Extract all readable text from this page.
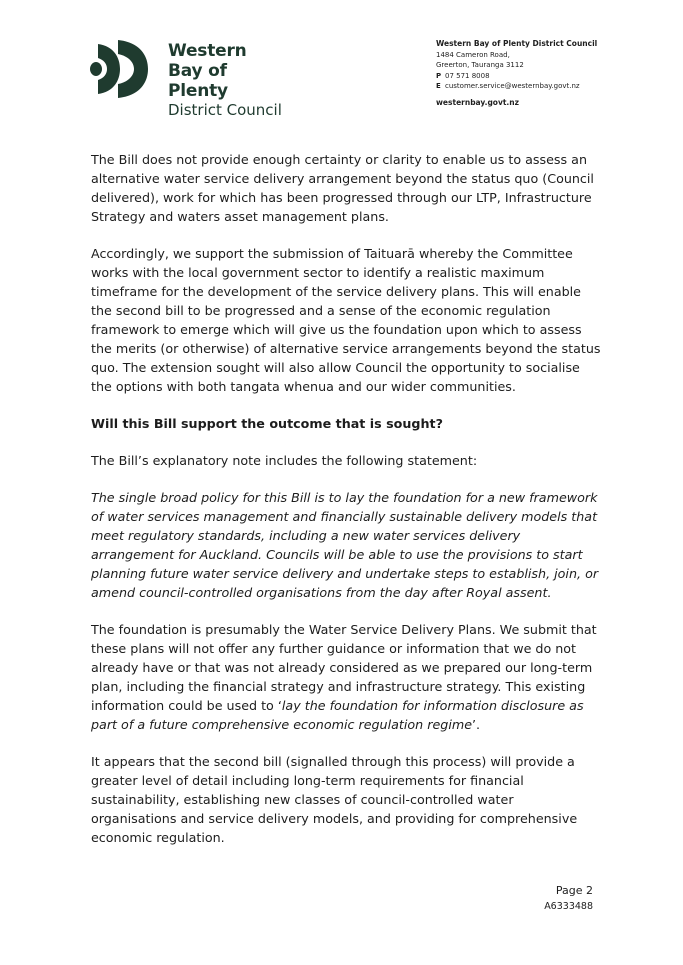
Western
Bay of Plenty
District Council
Western Bay of Plenty District Council
1484 Cameron Road,
Greerton, Tauranga 3112
P 07 571 8008
E customer.service@westernbay.govt.nz
westernbay.govt.nz

The Bill does not provide enough certainty or clarity to enable us to assess an alternative water service delivery arrangement beyond the status quo (Council delivered), work for which has been progressed through our LTP, Infrastructure Strategy and waters asset management plans.

Accordingly, we support the submission of Taituarā whereby the Committee works with the local government sector to identify a realistic maximum timeframe for the development of the service delivery plans. This will enable the second bill to be progressed and a sense of the economic regulation framework to emerge which will give us the foundation upon which to assess the merits (or otherwise) of alternative service arrangements beyond the status quo. The extension sought will also allow Council the opportunity to socialise the options with both tangata whenua and our wider communities.

Will this Bill support the outcome that is sought?

The Bill’s explanatory note includes the following statement:

The single broad policy for this Bill is to lay the foundation for a new framework of water services management and financially sustainable delivery models that meet regulatory standards, including a new water services delivery arrangement for Auckland. Councils will be able to use the provisions to start planning future water service delivery and undertake steps to establish, join, or amend council-controlled organisations from the day after Royal assent.

The foundation is presumably the Water Service Delivery Plans. We submit that these plans will not offer any further guidance or information that we do not already have or that was not already considered as we prepared our long-term plan, including the financial strategy and infrastructure strategy. This existing information could be used to ‘lay the foundation for information disclosure as part of a future comprehensive economic regulation regime’.

It appears that the second bill (signalled through this process) will provide a greater level of detail including long-term requirements for financial sustainability, establishing new classes of council-controlled water organisations and service delivery models, and providing for comprehensive economic regulation.

Page 2
A6333488
